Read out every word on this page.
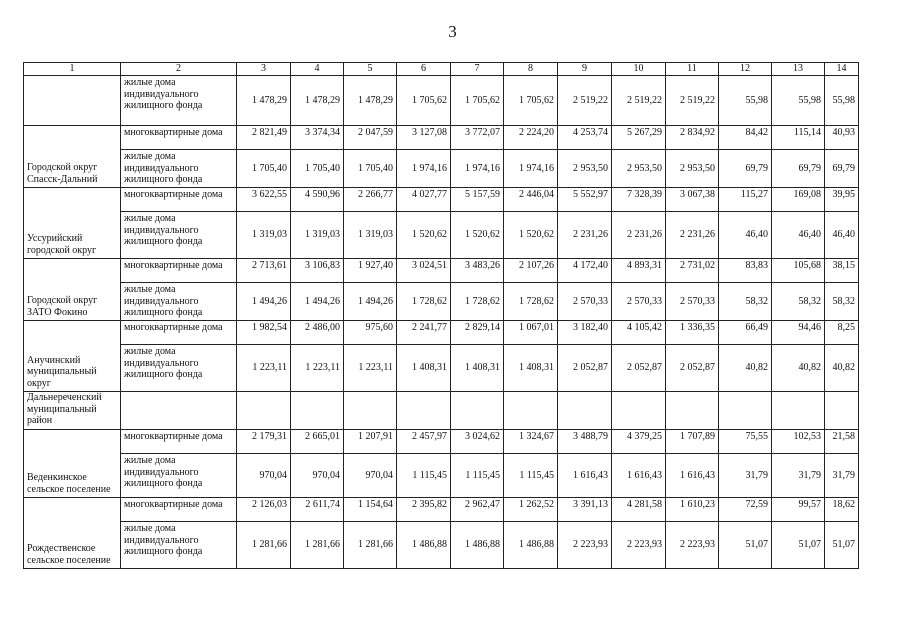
3
1	2	3	4	5	6	7	8	9	10	11	12	13	14
	жилые дома индивидуального жилищного фонда	1 478,29	1 478,29	1 478,29	1 705,62	1 705,62	1 705,62	2 519,22	2 519,22	2 519,22	55,98	55,98	55,98
Городской округ Спасск-Дальний	многоквартирные дома	2 821,49	3 374,34	2 047,59	3 127,08	3 772,07	2 224,20	4 253,74	5 267,29	2 834,92	84,42	115,14	40,93
	жилые дома индивидуального жилищного фонда	1 705,40	1 705,40	1 705,40	1 974,16	1 974,16	1 974,16	2 953,50	2 953,50	2 953,50	69,79	69,79	69,79
Уссурийский городской округ	многоквартирные дома	3 622,55	4 590,96	2 266,77	4 027,77	5 157,59	2 446,04	5 552,97	7 328,39	3 067,38	115,27	169,08	39,95
	жилые дома индивидуального жилищного фонда	1 319,03	1 319,03	1 319,03	1 520,62	1 520,62	1 520,62	2 231,26	2 231,26	2 231,26	46,40	46,40	46,40
Городской округ ЗАТО Фокино	многоквартирные дома	2 713,61	3 106,83	1 927,40	3 024,51	3 483,26	2 107,26	4 172,40	4 893,31	2 731,02	83,83	105,68	38,15
	жилые дома индивидуального жилищного фонда	1 494,26	1 494,26	1 494,26	1 728,62	1 728,62	1 728,62	2 570,33	2 570,33	2 570,33	58,32	58,32	58,32
Анучинский муниципальный округ	многоквартирные дома	1 982,54	2 486,00	975,60	2 241,77	2 829,14	1 067,01	3 182,40	4 105,42	1 336,35	66,49	94,46	8,25
	жилые дома индивидуального жилищного фонда	1 223,11	1 223,11	1 223,11	1 408,31	1 408,31	1 408,31	2 052,87	2 052,87	2 052,87	40,82	40,82	40,82
Дальнереченский муниципальный район													
Веденкинское сельское поселение	многоквартирные дома	2 179,31	2 665,01	1 207,91	2 457,97	3 024,62	1 324,67	3 488,79	4 379,25	1 707,89	75,55	102,53	21,58
	жилые дома индивидуального жилищного фонда	970,04	970,04	970,04	1 115,45	1 115,45	1 115,45	1 616,43	1 616,43	1 616,43	31,79	31,79	31,79
Рождественское сельское поселение	многоквартирные дома	2 126,03	2 611,74	1 154,64	2 395,82	2 962,47	1 262,52	3 391,13	4 281,58	1 610,23	72,59	99,57	18,62
	жилые дома индивидуального жилищного фонда	1 281,66	1 281,66	1 281,66	1 486,88	1 486,88	1 486,88	2 223,93	2 223,93	2 223,93	51,07	51,07	51,07
